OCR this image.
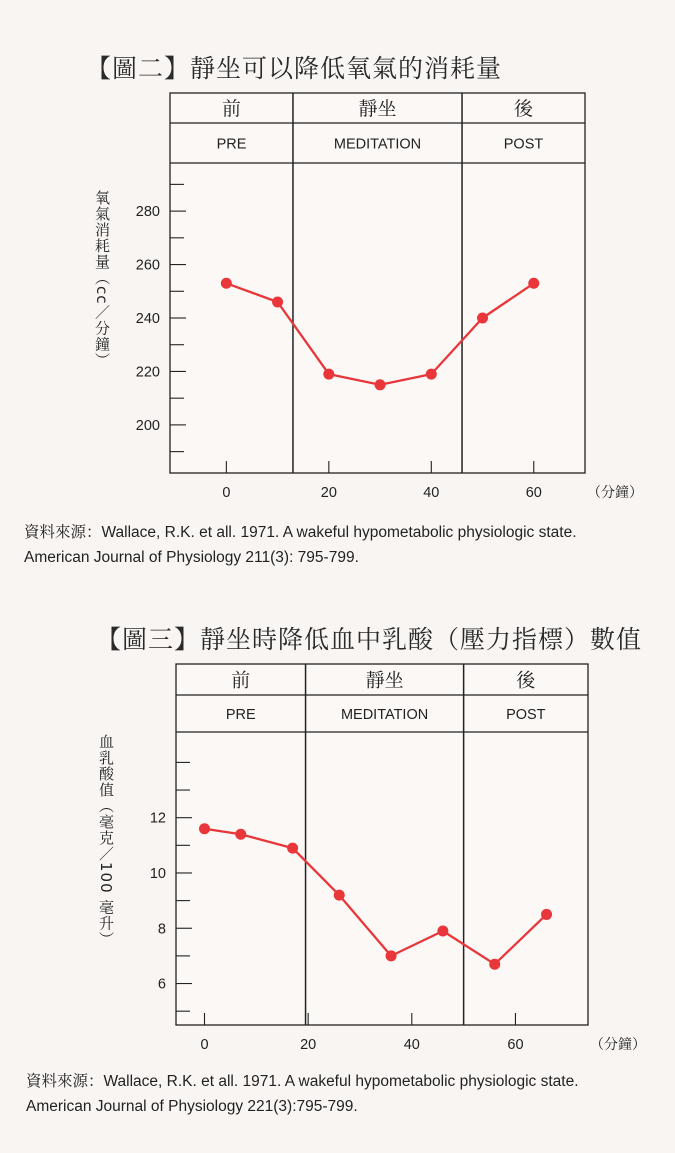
【圖二】靜坐可以降低氧氣的消耗量
前
PRE
靜坐
MEDITATION
後
POST
200
220
240
260
280
0	20	40	60	（分鐘）
氧氣消耗量（cc／分鐘）
資料來源：Wallace, R.K. et all. 1971. A wakeful hypometabolic physiologic state.
American Journal of Physiology 211(3): 795-799.
【圖三】靜坐時降低血中乳酸（壓力指標）數值
前
PRE
靜坐
MEDITATION
後
POST
6
8
10
12
0	20	40	60	（分鐘）
血乳酸值（毫克／100 毫升）
資料來源：Wallace, R.K. et all. 1971. A wakeful hypometabolic physiologic state.
American Journal of Physiology 221(3):795-799.
